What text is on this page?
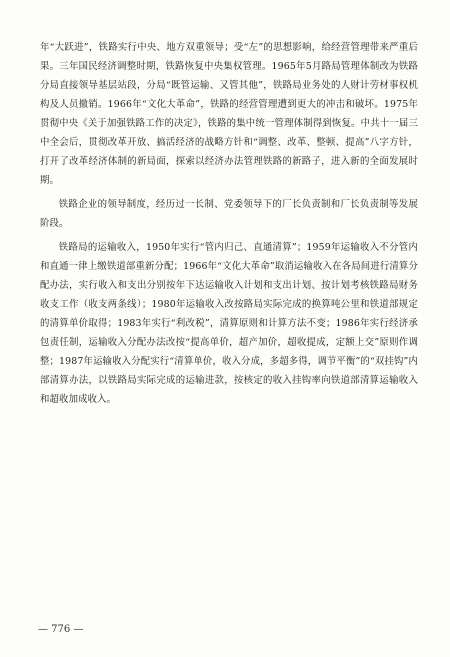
年“大跃进”，铁路实行中央、地方双重领导；受“左”的思想影响，给经营管理带来严重后果。三年国民经济调整时期，铁路恢复中央集权管理。1965年5月路局管理体制改为铁路分局直接领导基层站段，分局“既管运输、又管其他”，铁路局业务处的人财计劳材事权机构及人员撤销。1966年“文化大革命”，铁路的经营管理遭到更大的冲击和破坏。1975年贯彻中央《关于加强铁路工作的决定》，铁路的集中统一管理体制得到恢复。中共十一届三中全会后，贯彻改革开放、搞活经济的战略方针和“调整、改革、整顿、提高”八字方针，打开了改革经济体制的新局面，探索以经济办法管理铁路的新路子，进入新的全面发展时期。

铁路企业的领导制度，经历过一长制、党委领导下的厂长负责制和厂长负责制等发展阶段。

铁路局的运输收入，1950年实行“管内归己、直通清算”；1959年运输收入不分管内和直通一律上缴铁道部重新分配；1966年“文化大革命”取消运输收入在各局间进行清算分配办法，实行收入和支出分别按年下达运输收入计划和支出计划、按计划考核铁路局财务收支工作（收支两条线）；1980年运输收入改按路局实际完成的换算吨公里和铁道部规定的清算单价取得；1983年实行“利改税”，清算原则和计算方法不变；1986年实行经济承包责任制，运输收入分配办法改按“提高单价，超产加价，超收提成，定额上交”原则作调整；1987年运输收入分配实行“清算单价，收入分成，多超多得，调节平衡”的“双挂钩”内部清算办法，以铁路局实际完成的运输进款，按核定的收入挂钩率向铁道部清算运输收入和超收加成收入。

— 776 —
